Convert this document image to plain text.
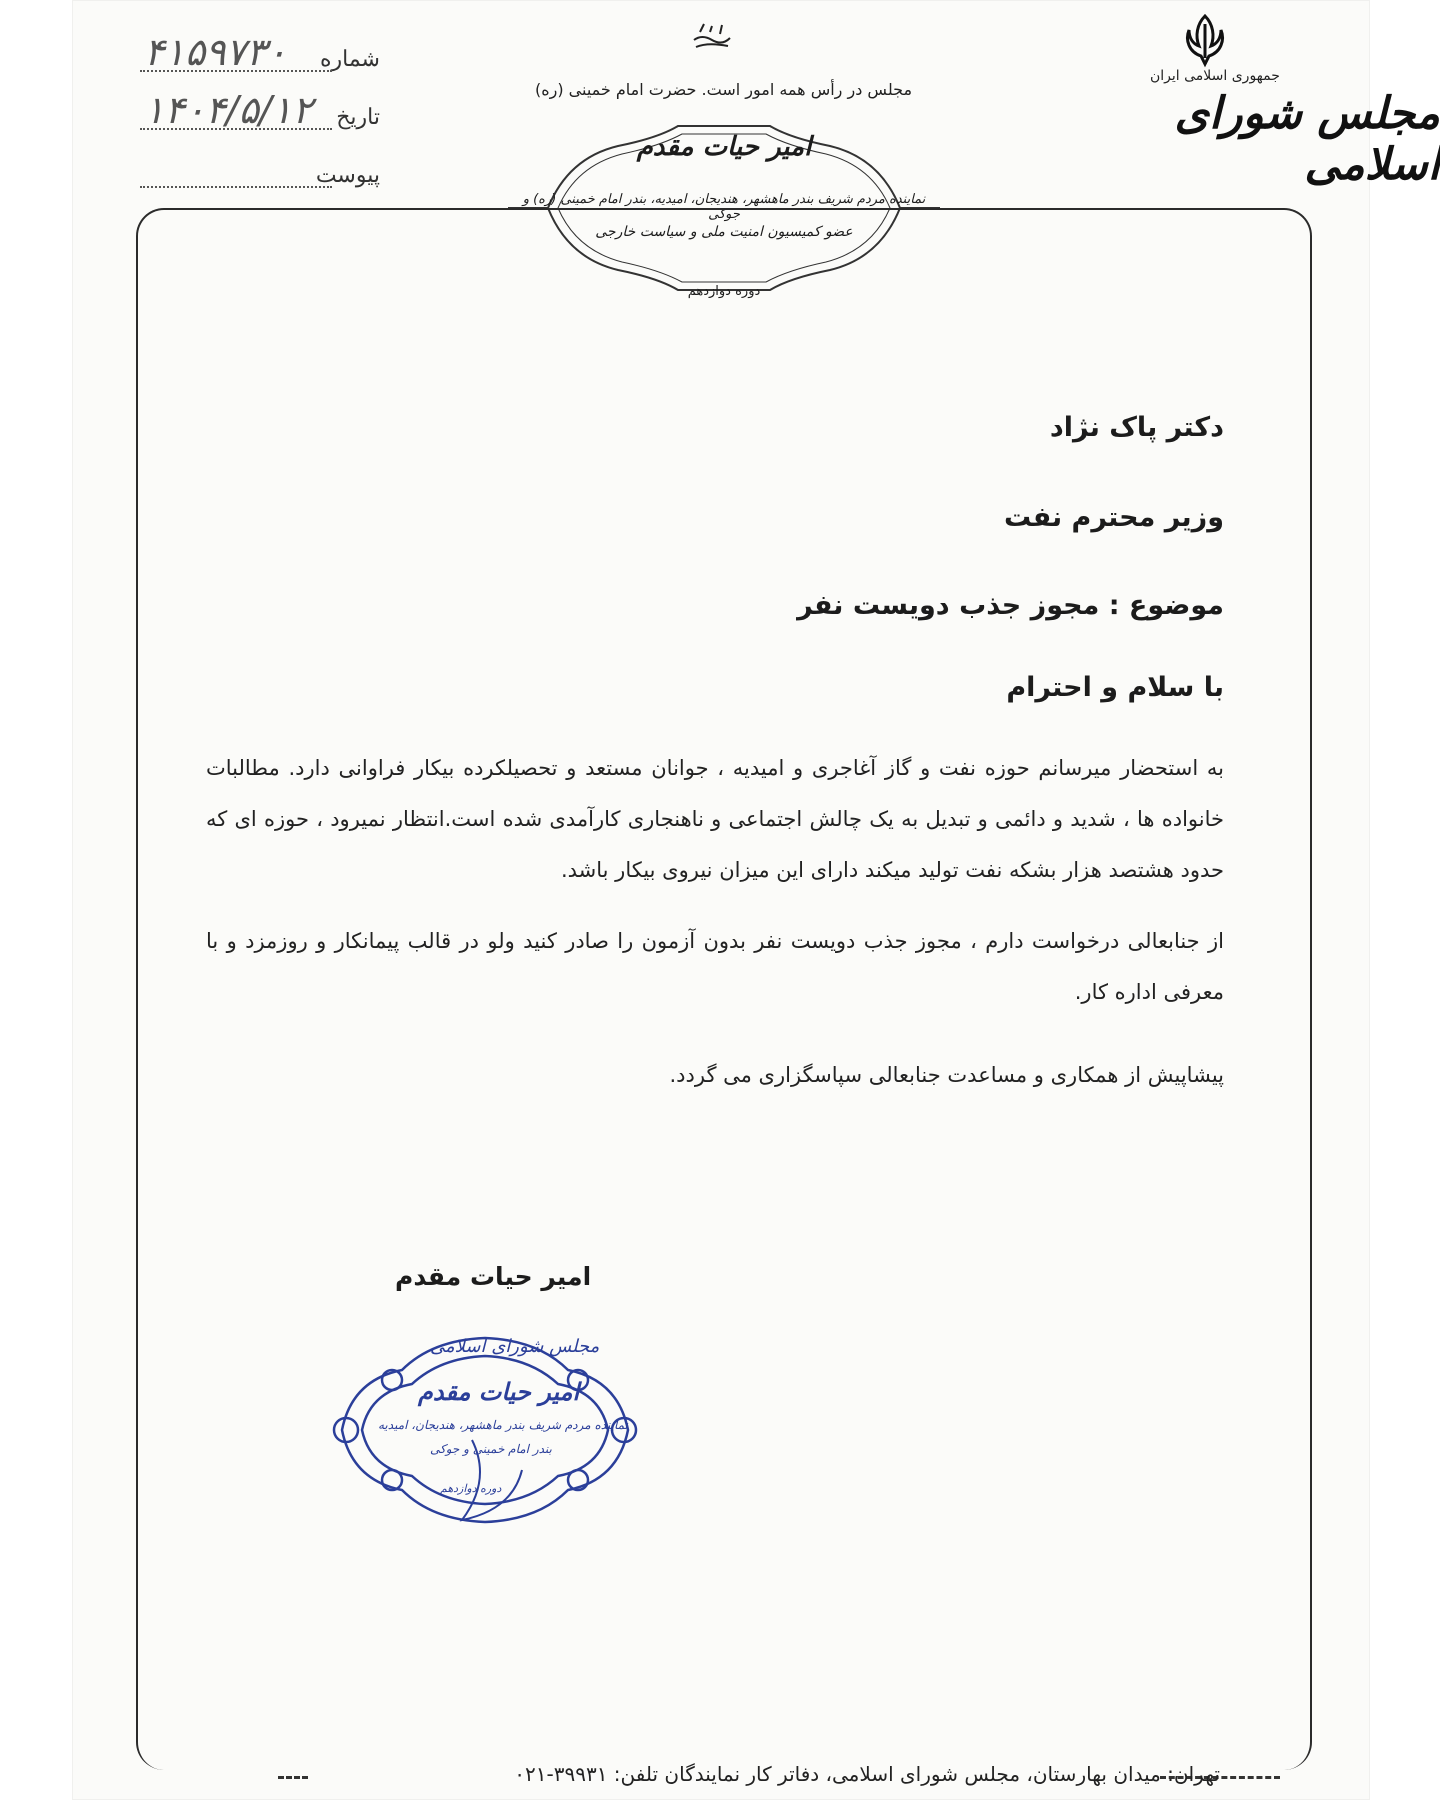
شماره
۴۱۵۹۷۳۰
تاریخ
۱۴۰۴/۵/۱۲
پیوست
مجلس در رأس همه امور است. حضرت امام خمینی (ره)
جمهوری اسلامی ایران
مجلس شورای اسلامی
امیر حیات مقدم
نماینده مردم شریف بندر ماهشهر، هندیجان، امیدیه، بندر امام خمینی (ره) و جوکی
عضو کمیسیون امنیت ملی و سیاست خارجی
دوره دوازدهم
دکتر پاک نژاد
وزیر محترم نفت
موضوع : مجوز جذب دویست نفر
با سلام و احترام
به استحضار میرسانم حوزه نفت و گاز آغاجری و امیدیه ، جوانان مستعد و تحصیلکرده بیکار فراوانی دارد. مطالبات خانواده ها ، شدید و دائمی و تبدیل به یک چالش اجتماعی و ناهنجاری کارآمدی شده است.انتظار نمیرود ، حوزه ای که حدود هشتصد هزار بشکه نفت تولید میکند دارای این میزان نیروی بیکار باشد.
از جنابعالی درخواست دارم ، مجوز جذب دویست نفر بدون آزمون را صادر کنید ولو در قالب پیمانکار و روزمزد و با معرفی اداره کار.
پیشاپیش از همکاری و مساعدت جنابعالی سپاسگزاری می گردد.
امیر حیات مقدم
مجلس شورای اسلامی
امیر حیات مقدم
نماینده مردم شریف بندر ماهشهر، هندیجان، امیدیه
بندر امام خمینی و جوکی
دوره دوازدهم
تهران: میدان بهارستان، مجلس شورای اسلامی، دفاتر کار نمایندگان تلفن: ۳۹۹۳۱-۰۲۱
